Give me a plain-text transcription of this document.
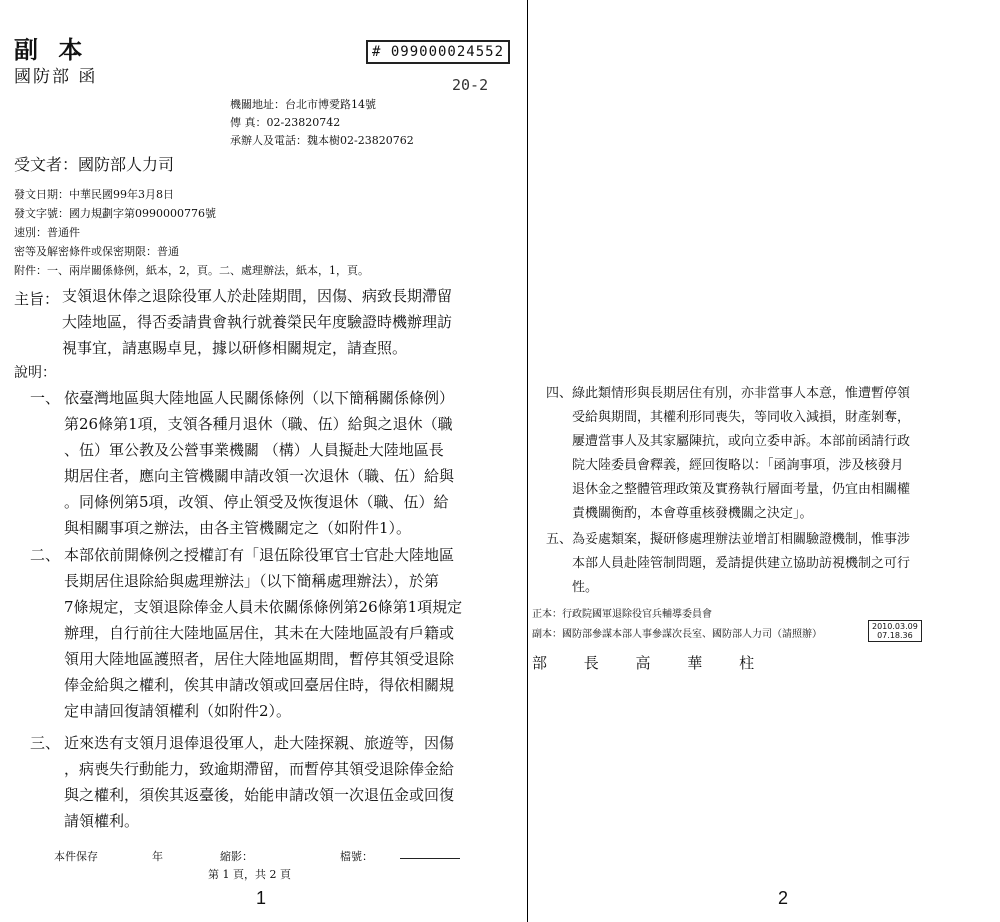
副 本
國防部 函
# 099000024552
20-2
機關地址：台北市博愛路14號
傳 真：02-23820742
承辦人及電話：魏本樹02-23820762
受文者：國防部人力司
發文日期：中華民國99年3月8日
發文字號：國力規劃字第0990000776號
速別：普通件
密等及解密條件或保密期限：普通
附件：一、兩岸關係條例，紙本，2，頁。二、處理辦法，紙本，1，頁。
主旨： 支領退休俸之退除役軍人於赴陸期間，因傷、病致長期滯留
大陸地區，得否委請貴會執行就養榮民年度驗證時機辦理訪
視事宜，請惠賜卓見，據以研修相關規定，請查照。
說明：
一、 依臺灣地區與大陸地區人民關係條例（以下簡稱關係條例）
第26條第1項，支領各種月退休（職、伍）給與之退休（職
、伍）軍公教及公營事業機關 （構）人員擬赴大陸地區長
期居住者，應向主管機關申請改領一次退休（職、伍）給與
。同條例第5項，改領、停止領受及恢復退休（職、伍）給
與相關事項之辦法，由各主管機關定之（如附件1）。
二、 本部依前開條例之授權訂有「退伍除役軍官士官赴大陸地區
長期居住退除給與處理辦法」（以下簡稱處理辦法），於第
7條規定，支領退除俸金人員未依關係條例第26條第1項規定
辦理，自行前往大陸地區居住，其未在大陸地區設有戶籍或
領用大陸地區護照者，居住大陸地區期間，暫停其領受退除
俸金給與之權利，俟其申請改領或回臺居住時，得依相關規
定申請回復請領權利（如附件2）。
三、 近來迭有支領月退俸退役軍人，赴大陸探親、旅遊等，因傷
，病喪失行動能力，致逾期滯留，而暫停其領受退除俸金給
與之權利，須俟其返臺後，始能申請改領一次退伍金或回復
請領權利。
本件保存	年	縮影：	檔號：
第 1 頁，共 2 頁
1
四、 綠此類情形與長期居住有別，亦非當事人本意，惟遭暫停領
受給與期間，其權利形同喪失，等同收入減損，財產剝奪，
屢遭當事人及其家屬陳抗，或向立委申訴。本部前函請行政
院大陸委員會釋義，經回復略以：「函詢事項，涉及核發月
退休金之整體管理政策及實務執行層面考量，仍宜由相關權
責機關衡酌，本會尊重核發機關之決定」。
五、 為妥處類案，擬研修處理辦法並增訂相關驗證機制，惟事涉
本部人員赴陸管制問題，爰請提供建立協助訪視機制之可行
性。
正本：行政院國軍退除役官兵輔導委員會
副本：國防部參謀本部人事參謀次長室、國防部人力司（請照辦）
2010.03.09
07.18.36
部 長 高 華 柱
2
